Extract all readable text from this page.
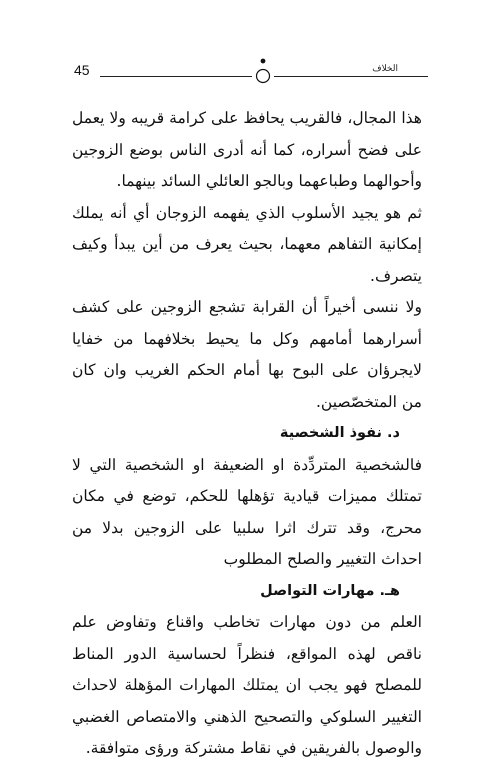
45	الخلاف

هذا المجال، فالقريب يحافظ على كرامة قريبه ولا يعمل على فضح أسراره، كما أنه أدرى الناس بوضع الزوجين وأحوالهما وطباعهما وبالجو العائلي السائد بينهما.

ثم هو يجيد الأسلوب الذي يفهمه الزوجان أي أنه يملك إمكانية التفاهم معهما، بحيث يعرف من أين يبدأ وكيف يتصرف.

ولا ننسى أخيراً أن القرابة تشجع الزوجين على كشف أسرارهما أمامهم وكل ما يحيط بخلافهما من خفايا لايجرؤان على البوح بها أمام الحكم الغريب وان كان من المتخصّصين.

د. نفوذ الشخصية

فالشخصية المتردِّدة او الضعيفة او الشخصية التي لا تمتلك مميزات قيادية تؤهلها للحكم، توضع في مكان محرج، وقد تترك اثرا سلبيا على الزوجين بدلا من احداث التغيير والصلح المطلوب

هـ. مهارات التواصل

العلم من دون مهارات تخاطب واقناع وتفاوض علم ناقص لهذه المواقع، فنظراً لحساسية الدور المناط للمصلح فهو يجب ان يمتلك المهارات المؤهلة لاحداث التغيير السلوكي والتصحيح الذهني والامتصاص الغضبي والوصول بالفريقين في نقاط مشتركة ورؤى متوافقة.
